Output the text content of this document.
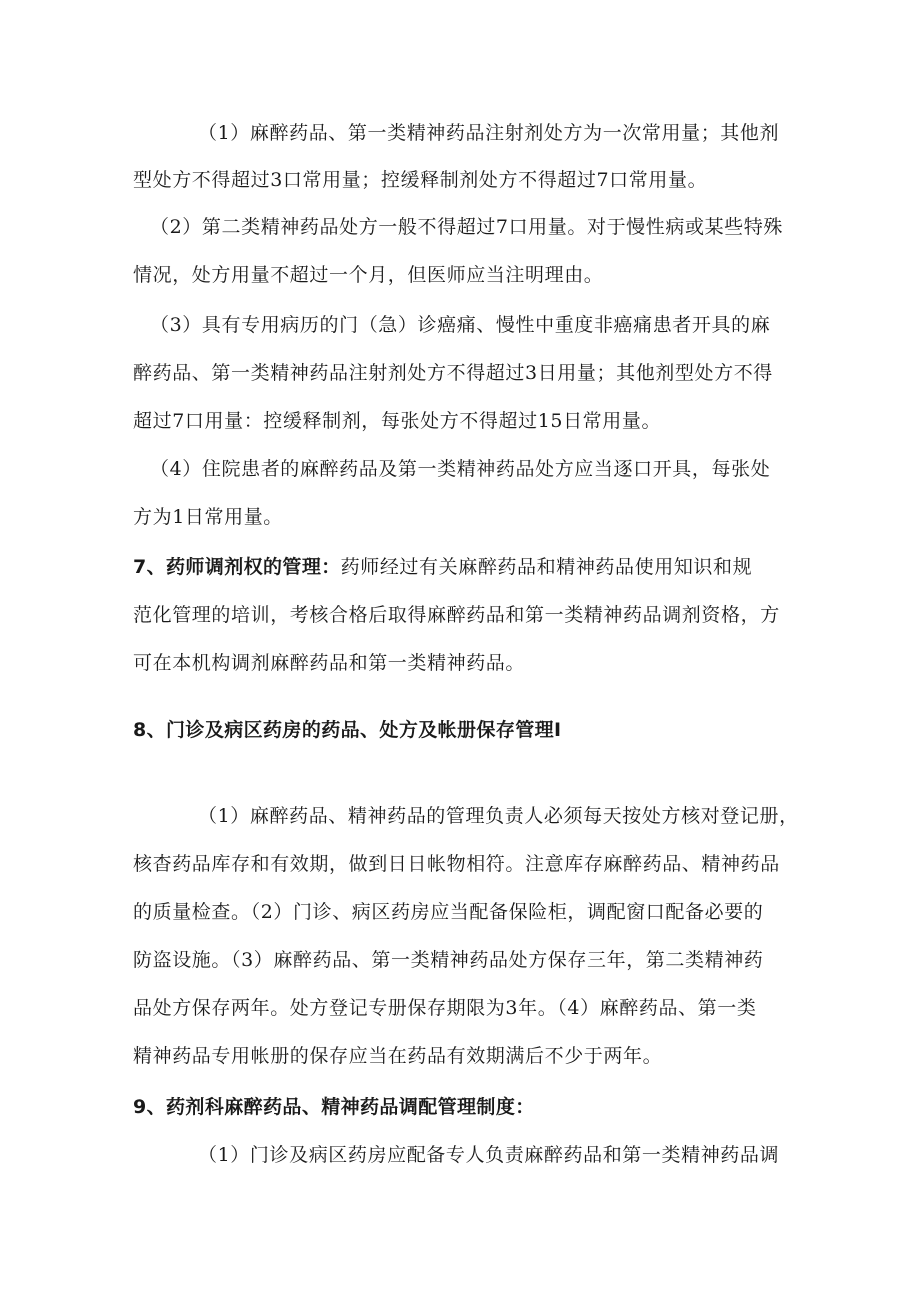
（1）麻醉药品、第一类精神药品注射剂处方为一次常用量；其他剂
型处方不得超过3口常用量；控缓释制剂处方不得超过7口常用量。
（2）第二类精神药品处方一般不得超过7口用量。对于慢性病或某些特殊
情况，处方用量不超过一个月，但医师应当注明理由。
（3）具有专用病历的门（急）诊癌痛、慢性中重度非癌痛患者开具的麻
醉药品、第一类精神药品注射剂处方不得超过3日用量；其他剂型处方不得
超过7口用量：控缓释制剂，每张处方不得超过15日常用量。
（4）住院患者的麻醉药品及第一类精神药品处方应当逐口开具，每张处
方为1日常用量。
7、药师调剂权的管理：药师经过有关麻醉药品和精神药品使用知识和规
范化管理的培训，考核合格后取得麻醉药品和第一类精神药品调剂资格，方
可在本机构调剂麻醉药品和第一类精神药品。
8、门诊及病区药房的药品、处方及帐册保存管理I
（1）麻醉药品、精神药品的管理负责人必须每天按处方核对登记册，
核杳药品库存和有效期，做到日日帐物相符。注意库存麻醉药品、精神药品
的质量检查。（2）门诊、病区药房应当配备保险柜，调配窗口配备必要的
防盗设施。（3）麻醉药品、第一类精神药品处方保存三年，第二类精神药
品处方保存两年。处方登记专册保存期限为3年。（4）麻醉药品、第一类
精神药品专用帐册的保存应当在药品有效期满后不少于两年。
9、药剂科麻醉药品、精神药品调配管理制度：
（1）门诊及病区药房应配备专人负责麻醉药品和第一类精神药品调
